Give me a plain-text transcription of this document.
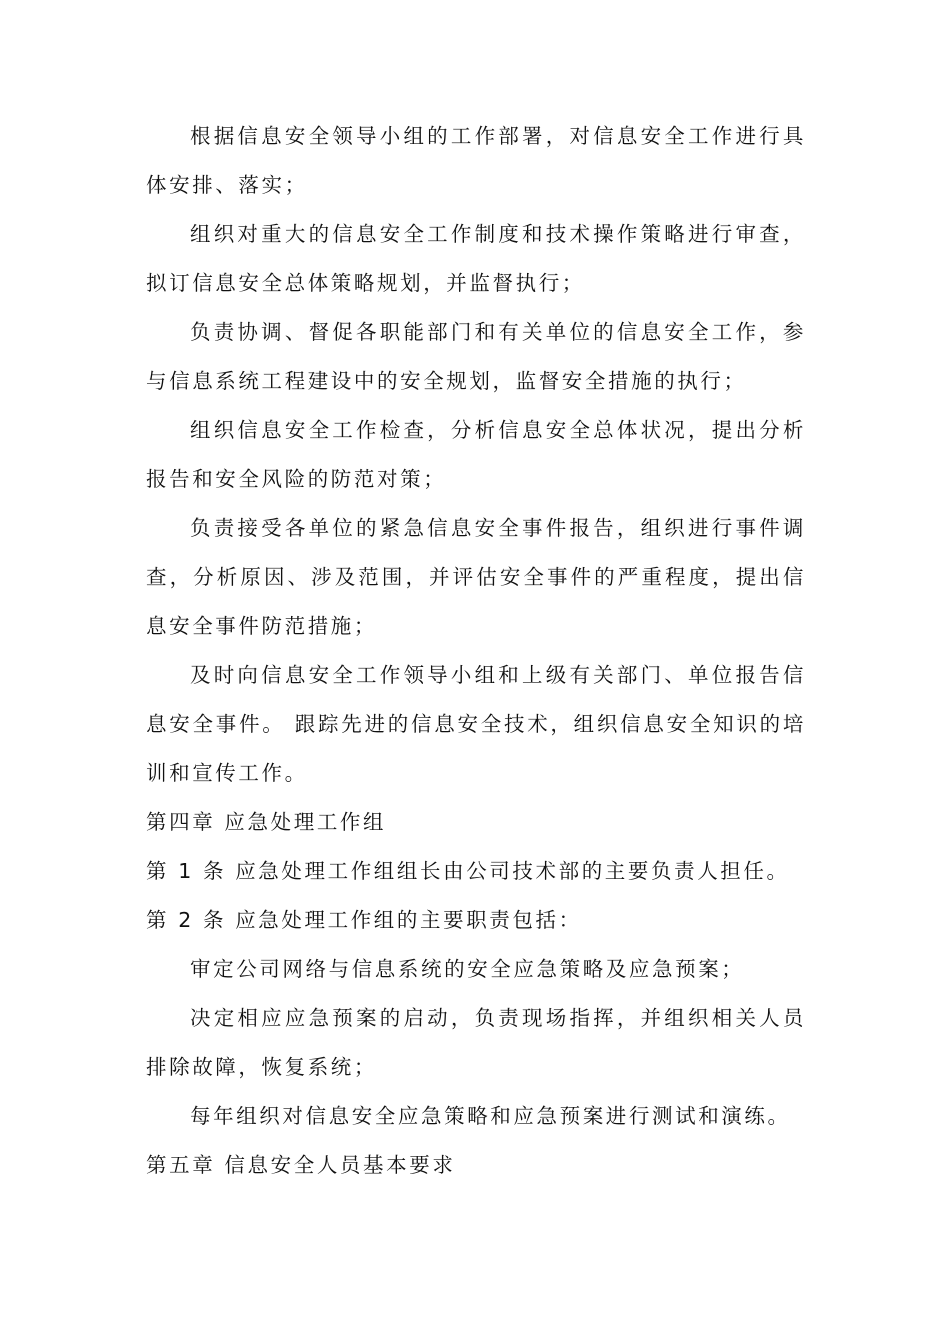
根据信息安全领导小组的工作部署，对信息安全工作进行具体安排、落实；

组织对重大的信息安全工作制度和技术操作策略进行审查，拟订信息安全总体策略规划，并监督执行；

负责协调、督促各职能部门和有关单位的信息安全工作，参与信息系统工程建设中的安全规划，监督安全措施的执行；

组织信息安全工作检查，分析信息安全总体状况，提出分析报告和安全风险的防范对策；

负责接受各单位的紧急信息安全事件报告，组织进行事件调查，分析原因、涉及范围，并评估安全事件的严重程度，提出信息安全事件防范措施；

及时向信息安全工作领导小组和上级有关部门、单位报告信息安全事件。 跟踪先进的信息安全技术，组织信息安全知识的培训和宣传工作。

第四章 应急处理工作组

第 1 条 应急处理工作组组长由公司技术部的主要负责人担任。

第 2 条 应急处理工作组的主要职责包括：

审定公司网络与信息系统的安全应急策略及应急预案；

决定相应应急预案的启动，负责现场指挥，并组织相关人员排除故障，恢复系统；

每年组织对信息安全应急策略和应急预案进行测试和演练。

第五章 信息安全人员基本要求
